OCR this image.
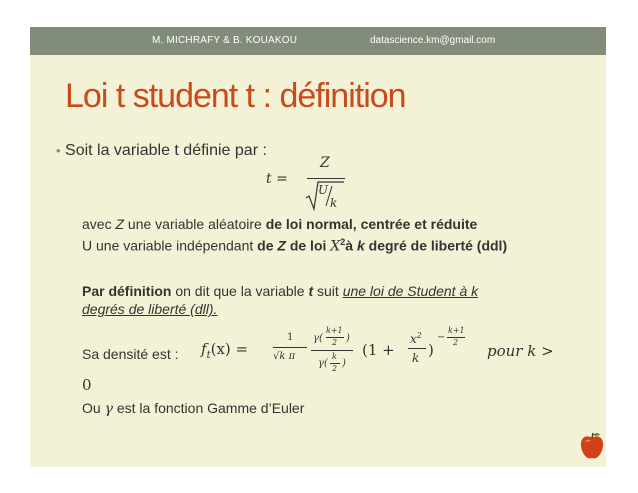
M. MICHRAFY & B. KOUAKOU	datascience.km@gmail.com
Loi t student t : définition
• Soit la variable t définie par :
t =
Z
U
k
avec Z une variable aléatoire de loi normal, centrée et réduite
U une variable indépendant de Z de loi $X^2à$ k degré de liberté (ddl)
Par définition on dit que la variable t suit une loi de Student à k
degrés de liberté (dll).
Sa densité est : $f_t(x)$ =
1
√k π
γ(
k+1
2 )
γ(
k
2 )
(1 +
$x^2$
k )
−
k+1
2 pour k >
0
Ou γ est la fonction Gamme d’Euler
